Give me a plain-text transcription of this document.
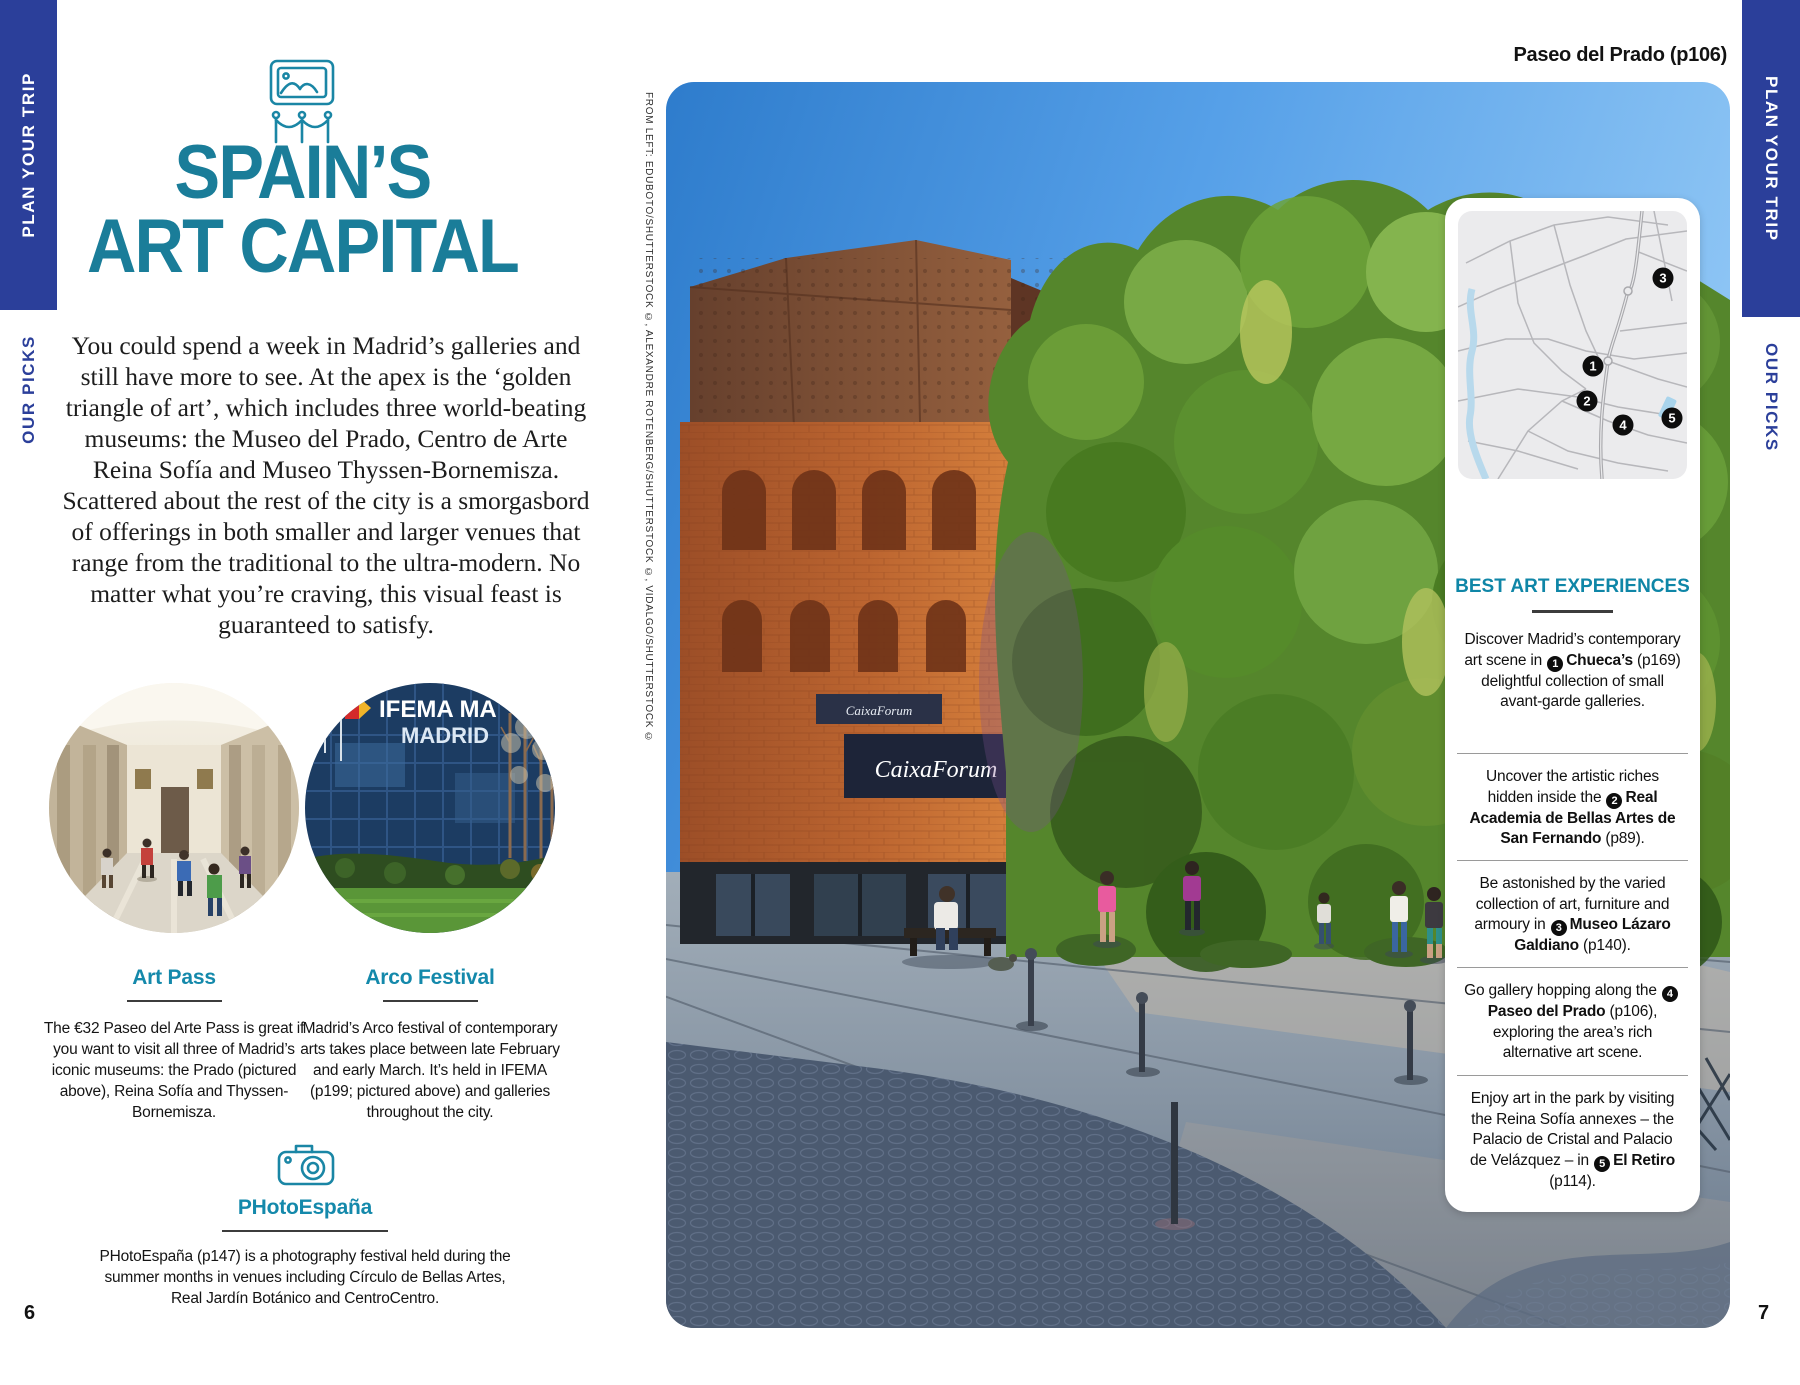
PLAN YOUR TRIP
OUR PICKS
PLAN YOUR TRIP
OUR PICKS
Paseo del Prado (p106)
SPAIN’S
ART CAPITAL
You could spend a week in Madrid’s galleries and still have more to see. At the apex is the ‘golden triangle of art’, which includes three world-beating museums: the Museo del Prado, Centro de Arte Reina Sofía and Museo Thyssen-Bornemisza. Scattered about the rest of the city is a smorgasbord of offerings in both smaller and larger venues that range from the traditional to the ultra-modern. No matter what you’re craving, this visual feast is guaranteed to satisfy.
IFEMA MA
MADRID
Art Pass
The €32 Paseo del Arte Pass is great if you want to visit all three of Madrid’s iconic museums: the Prado (pictured above), Reina Sofía and Thyssen-Bornemisza.
Arco Festival
Madrid’s Arco festival of contemporary arts takes place between late February and early March. It’s held in IFEMA (p199; pictured above) and galleries throughout the city.
PHotoEspaña
PHotoEspaña (p147) is a photography festival held during the summer months in venues including Círculo de Bellas Artes, Real Jardín Botánico and CentroCentro.
FROM LEFT: EDUBOTO/SHUTTERSTOCK ©, ALEXANDRE ROTENBERG/SHUTTERSTOCK ©, VIDALGO/SHUTTERSTOCK ©	CaixaForum
CaixaForum
3
1
2
4	5
BEST ART EXPERIENCES
Discover Madrid’s contemporary art scene in 1 Chueca’s (p169) delightful collection of small avant-garde galleries.
Uncover the artistic riches hidden inside the 2 Real Academia de Bellas Artes de San Fernando (p89).
Be astonished by the varied collection of art, furniture and armoury in 3 Museo Lázaro Galdiano (p140).
Go gallery hopping along the 4Paseo del Prado (p106), exploring the area’s rich alternative art scene.
Enjoy art in the park by visiting the Reina Sofía annexes – the Palacio de Cristal and Palacio de Velázquez – in 5 El Retiro (p114).
6	7
